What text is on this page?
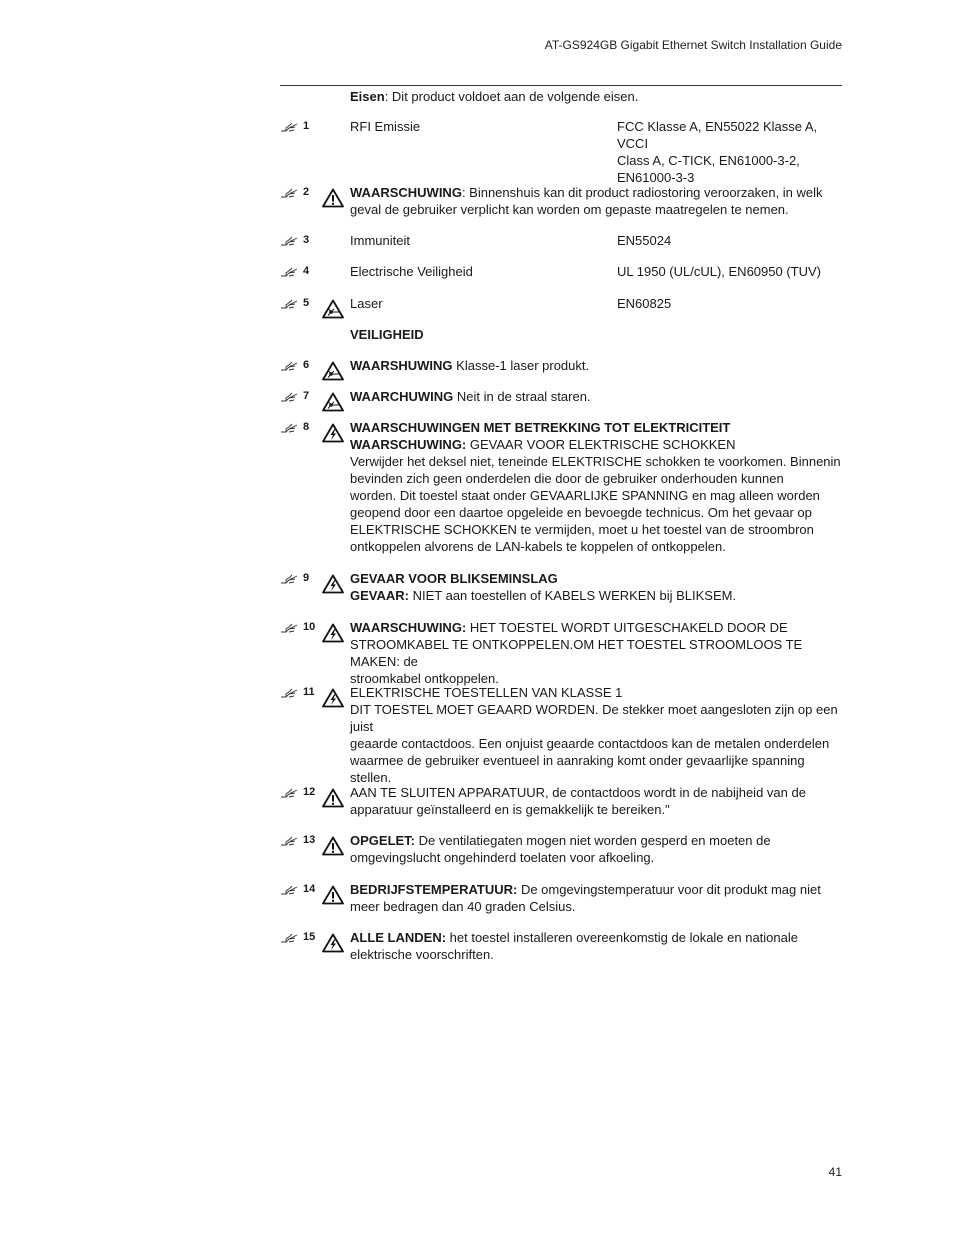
AT-GS924GB Gigabit Ethernet Switch Installation Guide
Eisen: Dit product voldoet aan de volgende eisen.
1	RFI Emissie	FCC Klasse A, EN55022 Klasse A, VCCI
Class A, C-TICK, EN61000-3-2,
EN61000-3-3
2	WAARSCHUWING: Binnenshuis kan dit product radiostoring veroorzaken, in welk
geval de gebruiker verplicht kan worden om gepaste maatregelen te nemen.
3	Immuniteit	EN55024
4	Electrische Veiligheid	UL 1950 (UL/cUL), EN60950 (TUV)
5	Laser	EN60825
VEILIGHEID
6	WAARSHUWING Klasse-1 laser produkt.
7	WAARCHUWING Neit in de straal staren.
8	WAARSCHUWINGEN MET BETREKKING TOT ELEKTRICITEIT
WAARSCHUWING: GEVAAR VOOR ELEKTRISCHE SCHOKKEN
Verwijder het deksel niet, teneinde ELEKTRISCHE schokken te voorkomen. Binnenin
bevinden zich geen onderdelen die door de gebruiker onderhouden kunnen
worden. Dit toestel staat onder GEVAARLIJKE SPANNING en mag alleen worden
geopend door een daartoe opgeleide en bevoegde technicus. Om het gevaar op
ELEKTRISCHE SCHOKKEN te vermijden, moet u het toestel van de stroombron
ontkoppelen alvorens de LAN-kabels te koppelen of ontkoppelen.
9	GEVAAR VOOR BLIKSEMINSLAG
GEVAAR: NIET aan toestellen of KABELS WERKEN bij BLIKSEM.
10	WAARSCHUWING: HET TOESTEL WORDT UITGESCHAKELD DOOR DE
STROOMKABEL TE ONTKOPPELEN.OM HET TOESTEL STROOMLOOS TE MAKEN: de
stroomkabel ontkoppelen.
11	ELEKTRISCHE TOESTELLEN VAN KLASSE 1
DIT TOESTEL MOET GEAARD WORDEN. De stekker moet aangesloten zijn op een juist
geaarde contactdoos. Een onjuist geaarde contactdoos kan de metalen onderdelen
waarmee de gebruiker eventueel in aanraking komt onder gevaarlijke spanning
stellen.
12	AAN TE SLUITEN APPARATUUR, de contactdoos wordt in de nabijheid van de
apparatuur geïnstalleerd en is gemakkelijk te bereiken."
13	OPGELET: De ventilatiegaten mogen niet worden gesperd en moeten de
omgevingslucht ongehinderd toelaten voor afkoeling.
14	BEDRIJFSTEMPERATUUR: De omgevingstemperatuur voor dit produkt mag niet
meer bedragen dan 40 graden Celsius.
15	ALLE LANDEN: het toestel installeren overeenkomstig de lokale en nationale
elektrische voorschriften.
41
